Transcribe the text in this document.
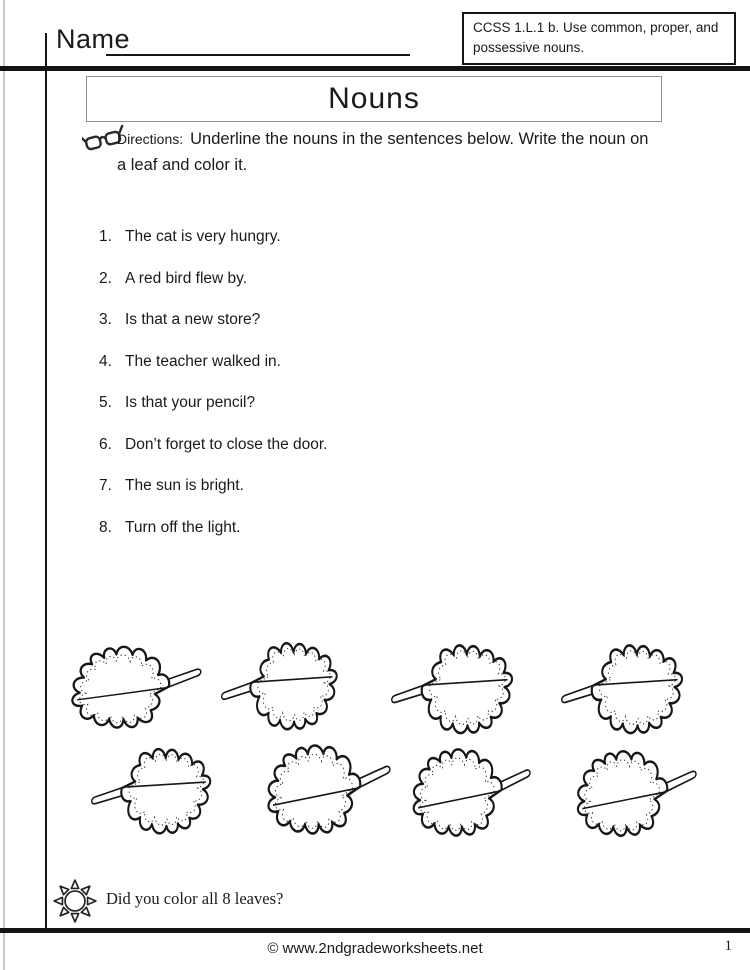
Name	CCSS 1.L.1 b. Use common, proper, and possessive nouns.
Nouns
Directions: Underline the nouns in the sentences below. Write the noun on a leaf and color it.
1. The cat is very hungry.
2. A red bird flew by.
3. Is that a new store?
4. The teacher walked in.
5. Is that your pencil?
6. Don’t forget to close the door.
7. The sun is bright.
8. Turn off the light.
Did you color all 8 leaves?
© www.2ndgradeworksheets.net	1
